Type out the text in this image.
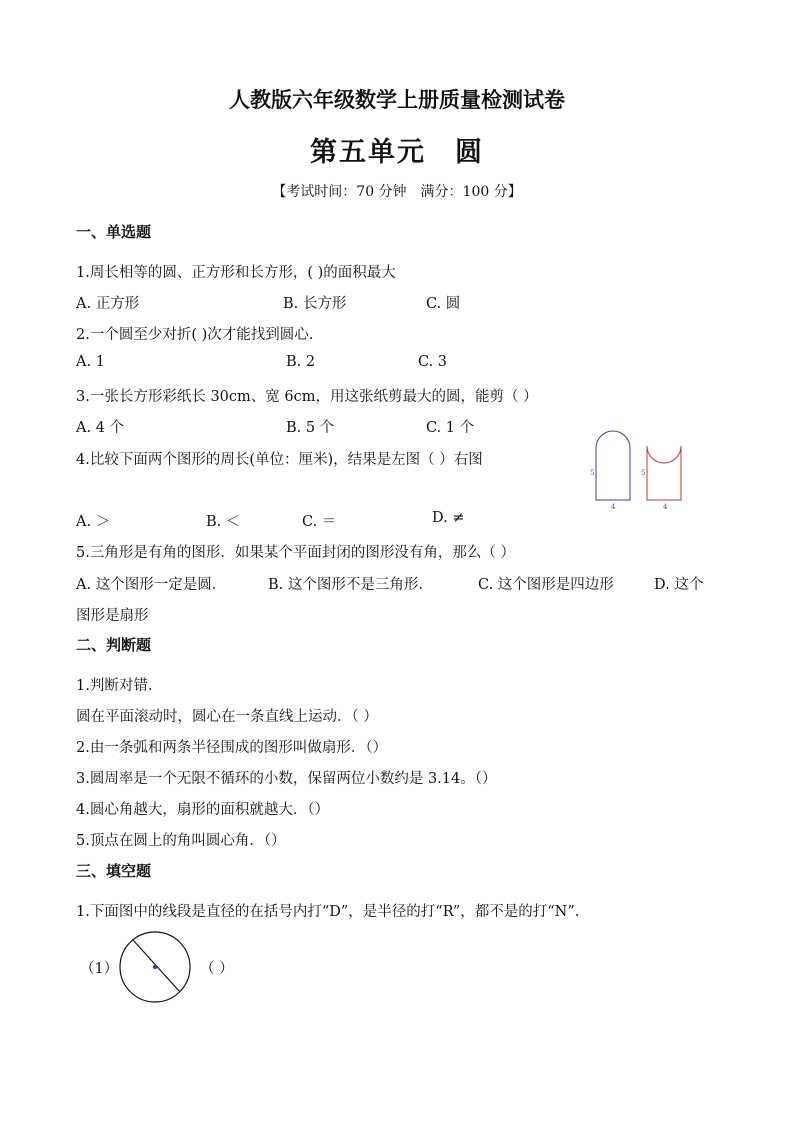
人教版六年级数学上册质量检测试卷
第五单元　圆
【考试时间：70 分钟　满分：100 分】
一、单选题
1.周长相等的圆、正方形和长方形，( )的面积最大
A. 正方形	B. 长方形	C. 圆
2.一个圆至少对折( )次才能找到圆心.
A. 1	B. 2	C. 3
3.一张长方形彩纸长 30cm、宽 6cm，用这张纸剪最大的圆，能剪（ ）
A. 4 个	B. 5 个	C. 1 个
4.比较下面两个图形的周长(单位：厘米)，结果是左图（ ）右图
5
4
5
4
A. ＞	B. ＜	C. ＝	D. ≠
5.三角形是有角的图形．如果某个平面封闭的图形没有角，那么（ ）
A. 这个图形一定是圆．	B. 这个图形不是三角形．	C. 这个图形是四边形	D. 这个
图形是扇形
二、判断题
1.判断对错.
圆在平面滚动时，圆心在一条直线上运动．（ ）
2.由一条弧和两条半径围成的图形叫做扇形．（）
3.圆周率是一个无限不循环的小数，保留两位小数约是 3.14。（）
4.圆心角越大，扇形的面积就越大．（）
5.顶点在圆上的角叫圆心角．（）
三、填空题
1.下面图中的线段是直径的在括号内打“D”，是半径的打“R”，都不是的打“N”.
（1）	（ ）
